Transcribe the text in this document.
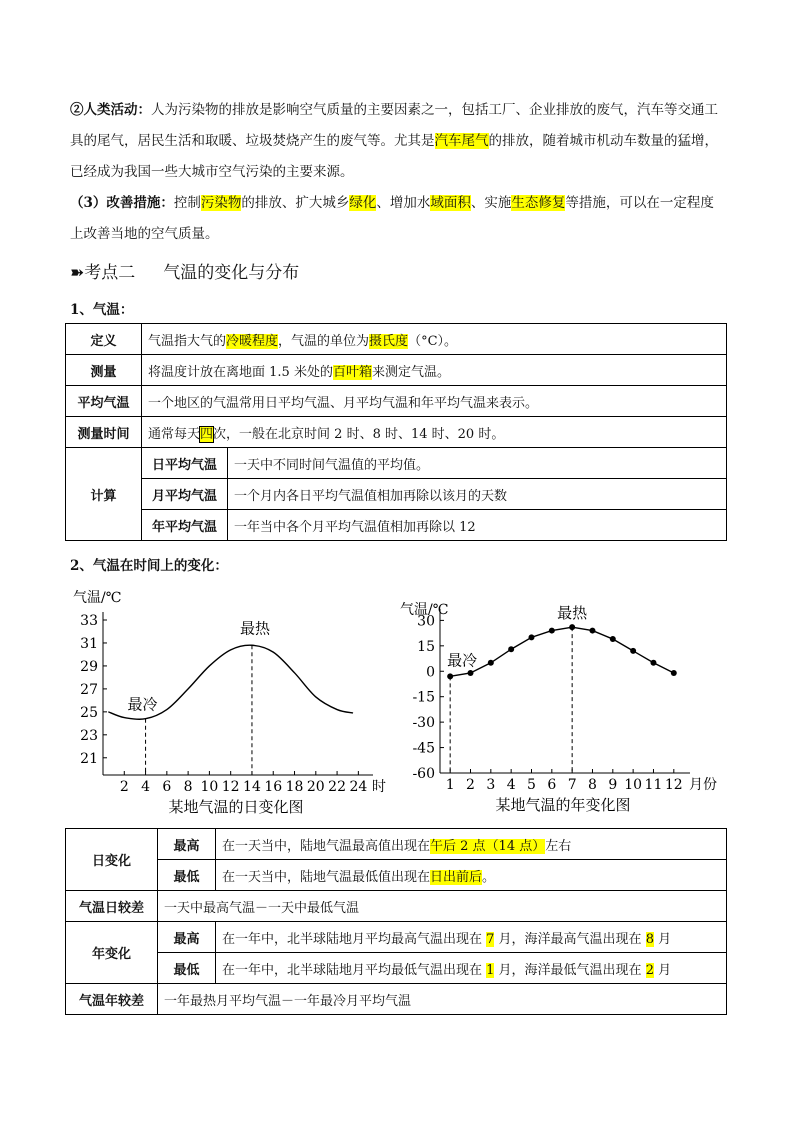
②人类活动：人为污染物的排放是影响空气质量的主要因素之一，包括工厂、企业排放的废气，汽车等交通工具的尾气，居民生活和取暖、垃圾焚烧产生的废气等。尤其是汽车尾气的排放，随着城市机动车数量的猛增，已经成为我国一些大城市空气污染的主要来源。
（3）改善措施：控制污染物的排放、扩大城乡绿化、增加水域面积、实施生态修复等措施，可以在一定程度上改善当地的空气质量。
➽考点二 气温的变化与分布
1、气温：
定义	气温指大气的冷暖程度，气温的单位为摄氏度（°C）。	
测量	将温度计放在离地面 1.5 米处的百叶箱来测定气温。	
平均气温	一个地区的气温常用日平均气温、月平均气温和年平均气温来表示。	
测量时间	通常每天四次，一般在北京时间 2 时、8 时、14 时、20 时。	
计算	日平均气温	一天中不同时间气温值的平均值。
	月平均气温	一个月内各日平均气温值相加再除以该月的天数
	年平均气温	一年当中各个月平均气温值相加再除以 12
2、气温在时间上的变化：
21
23
25
27
29
31
33
2 4 6 8 10 12 14 16 18 20 22 24 时
气温/℃
某地气温的日变化图
最冷
最热	30
15
0
-15
-30
-45
-60
1 2 3 4 5 6 7 8 9 10 11 12 月份
气温/℃
某地气温的年变化图
最冷
最热
日变化	最高	在一天当中，陆地气温最高值出现在午后 2 点（14 点）左右
	最低	在一天当中，陆地气温最低值出现在日出前后。
气温日较差	一天中最高气温－一天中最低气温	
年变化	最高	在一年中，北半球陆地月平均最高气温出现在 7 月，海洋最高气温出现在 8 月
	最低	在一年中，北半球陆地月平均最低气温出现在 1 月，海洋最低气温出现在 2 月
气温年较差	一年最热月平均气温－一年最冷月平均气温	
